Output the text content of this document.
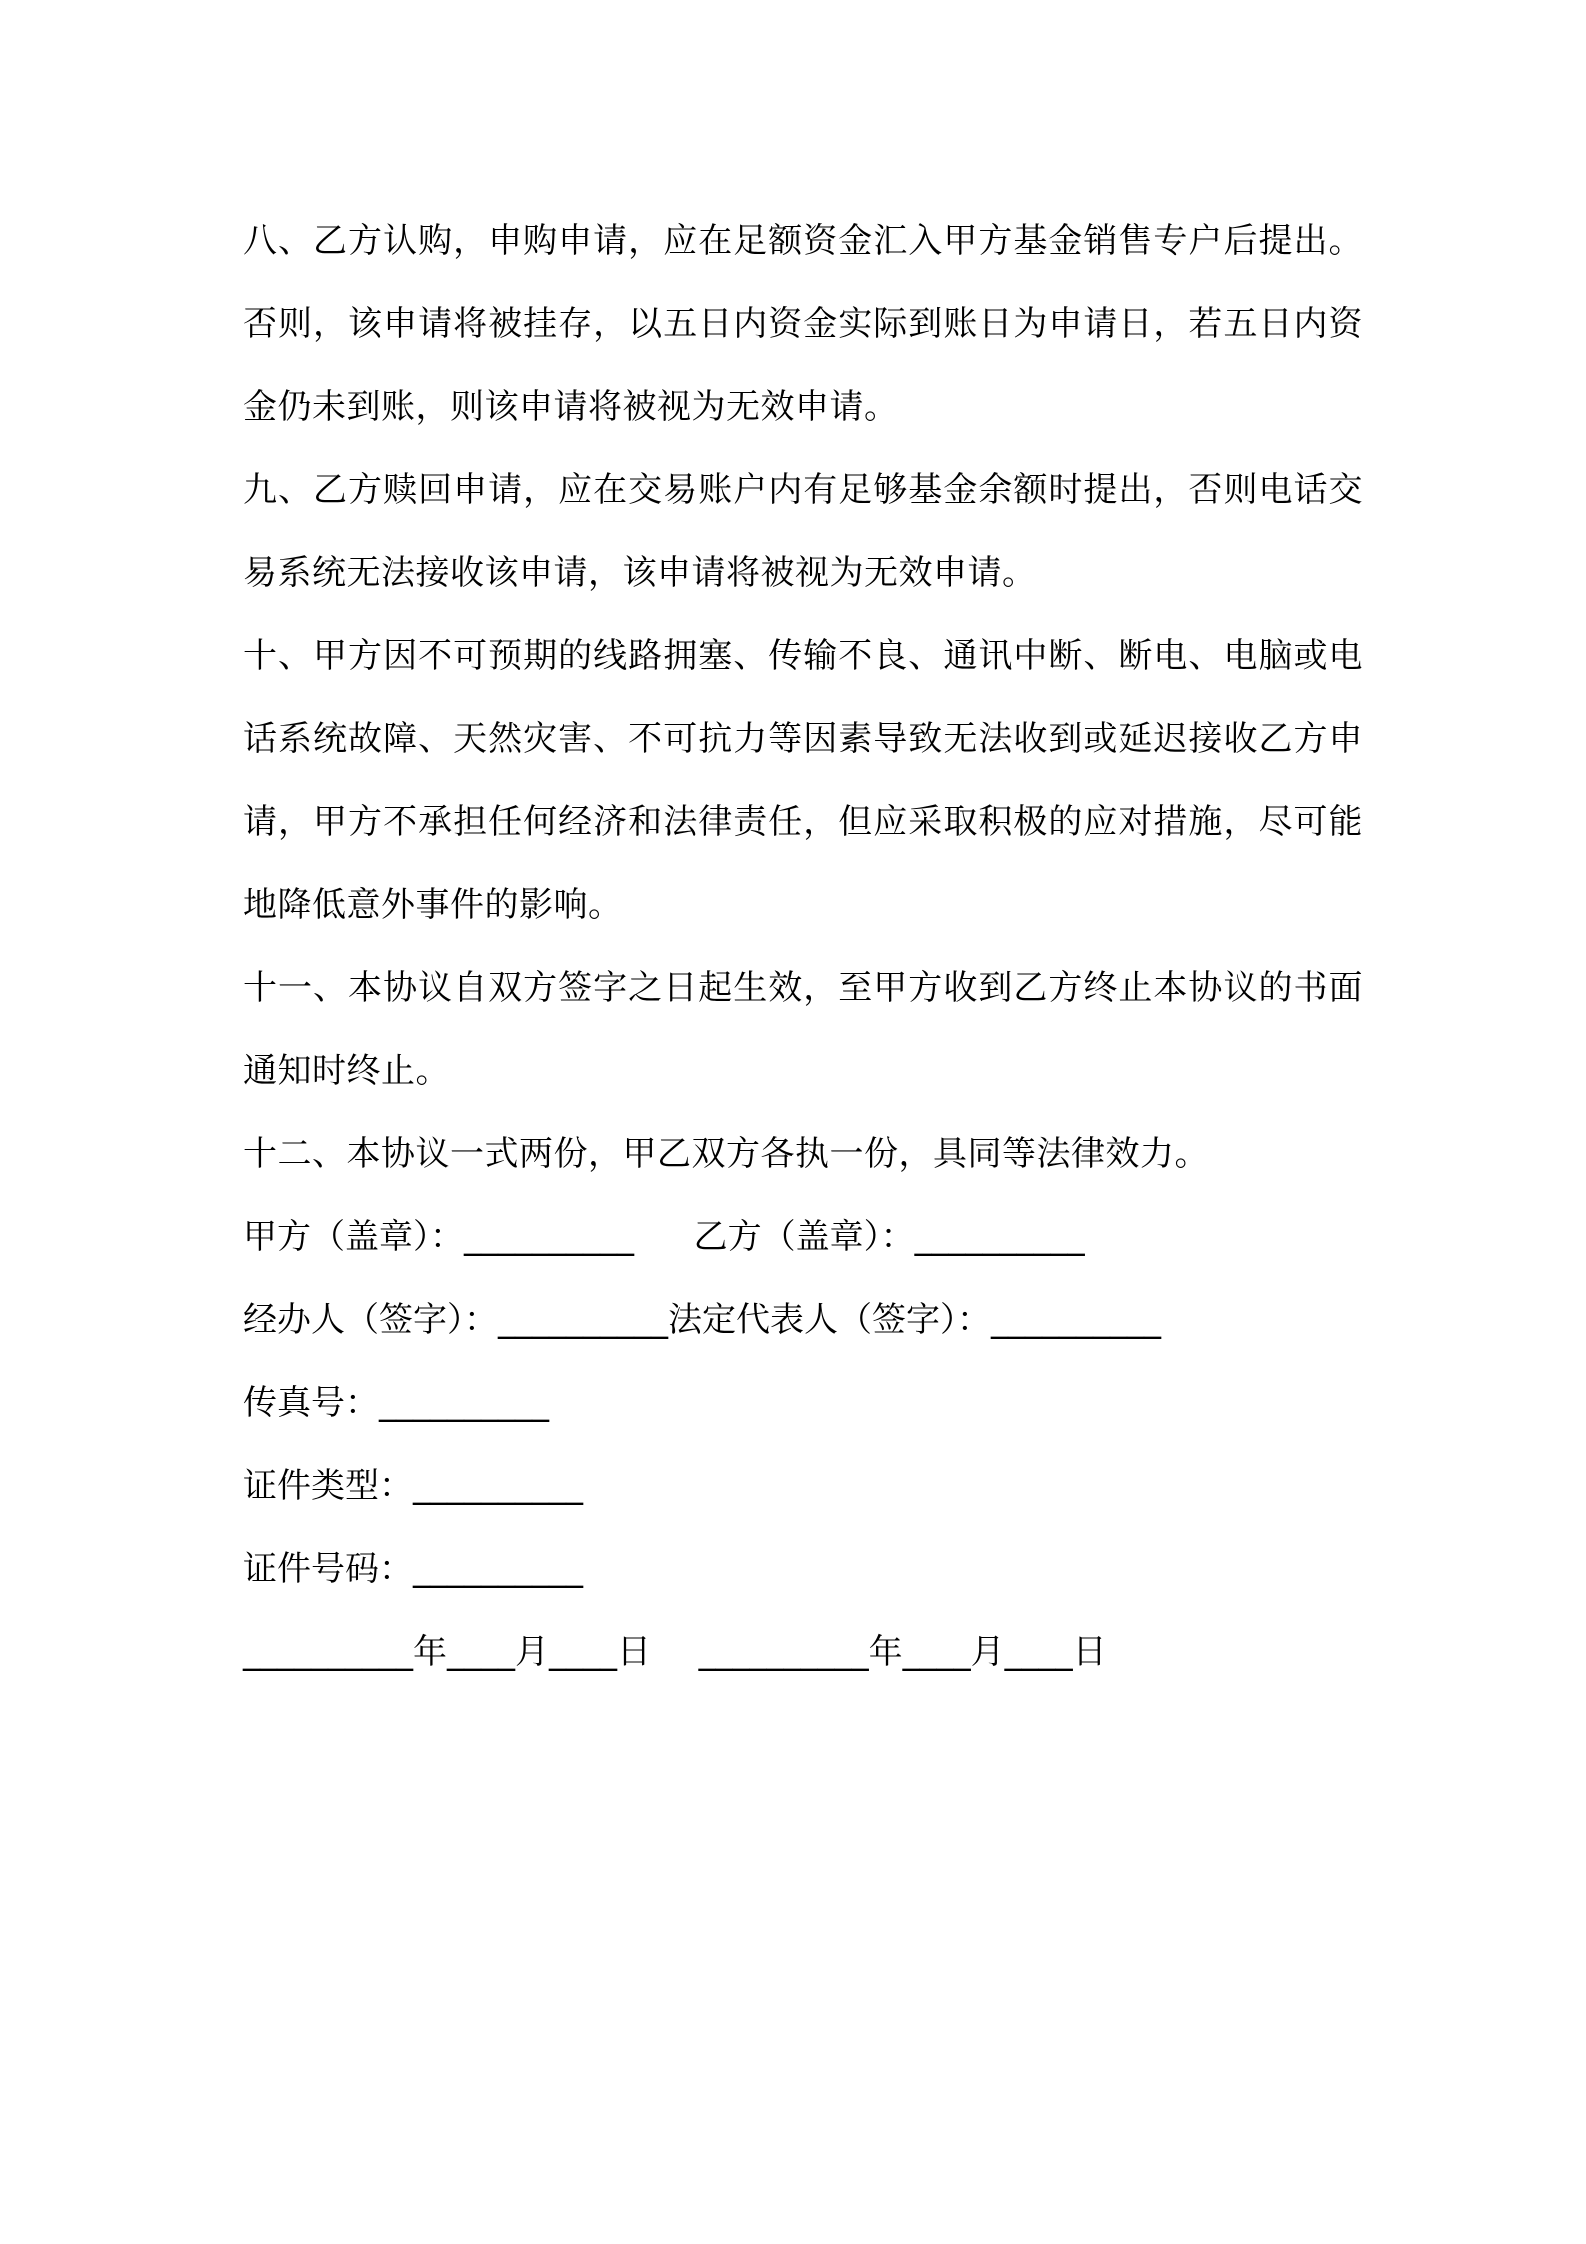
八、乙方认购，申购申请，应在足额资金汇入甲方基金销售专户后提出。否则，该申请将被挂存，以五日内资金实际到账日为申请日，若五日内资金仍未到账，则该申请将被视为无效申请。

九、乙方赎回申请，应在交易账户内有足够基金余额时提出，否则电话交易系统无法接收该申请，该申请将被视为无效申请。

十、甲方因不可预期的线路拥塞、传输不良、通讯中断、断电、电脑或电话系统故障、天然灾害、不可抗力等因素导致无法收到或延迟接收乙方申请，甲方不承担任何经济和法律责任，但应采取积极的应对措施，尽可能地降低意外事件的影响。

十一、本协议自双方签字之日起生效，至甲方收到乙方终止本协议的书面通知时终止。

十二、本协议一式两份，甲乙双方各执一份，具同等法律效力。

甲方（盖章）：__________ 乙方（盖章）：__________
经办人（签字）：__________法定代表人（签字）：__________
传真号：__________
证件类型：__________
证件号码：__________
__________年____月____日 __________年____月____日
